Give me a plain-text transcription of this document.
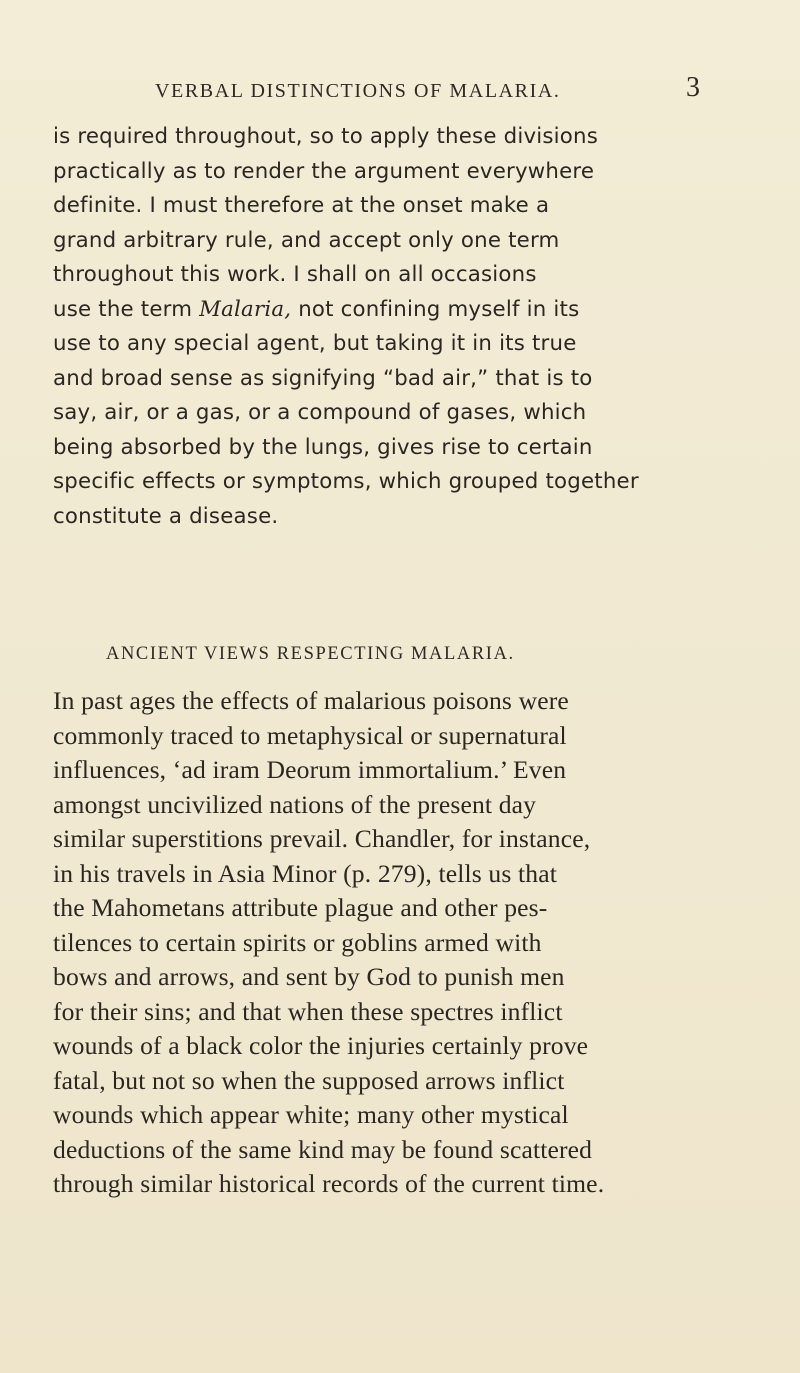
VERBAL DISTINCTIONS OF MALARIA.	3

is required throughout, so to apply these divisions
practically as to render the argument everywhere
definite. I must therefore at the onset make a
grand arbitrary rule, and accept only one term
throughout this work. I shall on all occasions
use the term Malaria, not confining myself in its
use to any special agent, but taking it in its true
and broad sense as signifying “bad air,” that is to
say, air, or a gas, or a compound of gases, which
being absorbed by the lungs, gives rise to certain
specific effects or symptoms, which grouped together
constitute a disease.

ANCIENT VIEWS RESPECTING MALARIA.

In past ages the effects of malarious poisons were
commonly traced to metaphysical or supernatural
influences, ‘ad iram Deorum immortalium.’ Even
amongst uncivilized nations of the present day
similar superstitions prevail. Chandler, for instance,
in his travels in Asia Minor (p. 279), tells us that
the Mahometans attribute plague and other pes-
tilences to certain spirits or goblins armed with
bows and arrows, and sent by God to punish men
for their sins; and that when these spectres inflict
wounds of a black color the injuries certainly prove
fatal, but not so when the supposed arrows inflict
wounds which appear white; many other mystical
deductions of the same kind may be found scattered
through similar historical records of the current time.
